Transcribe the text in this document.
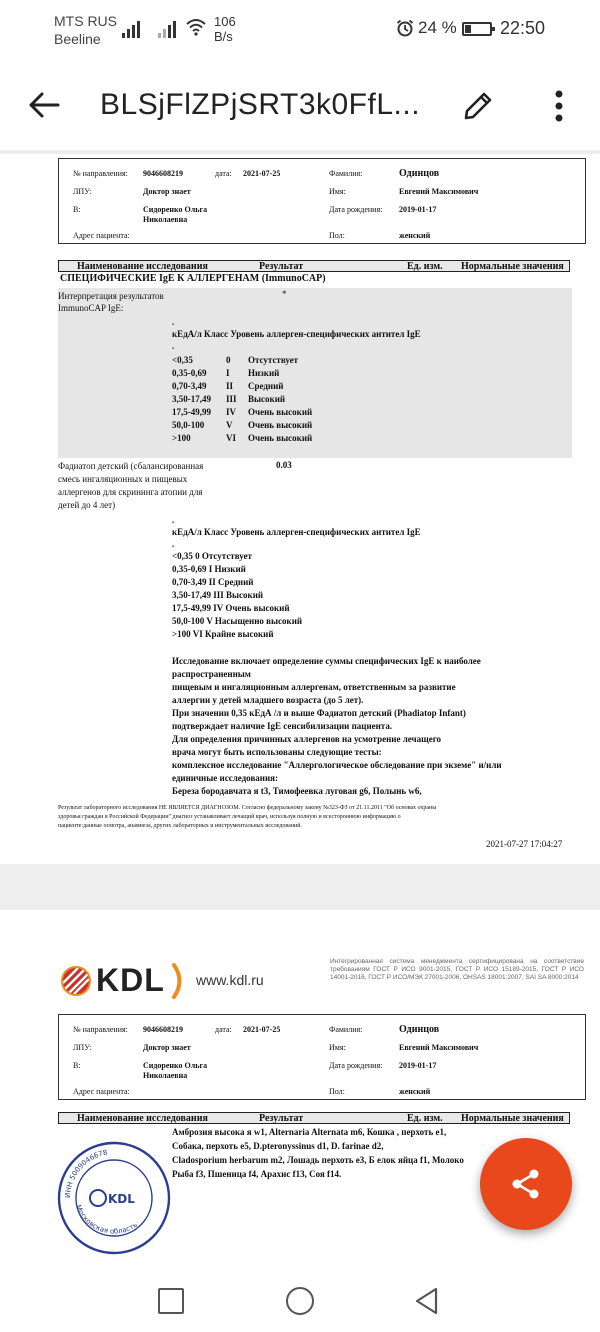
MTS RUS
Beeline
106
B/s	24 % 22:50
BLSjFlZPjSRT3k0FfL...
№ направления: 9046608219	дата: 2021-07-25	Фамилия:	Одинцов
ЛПУ:	Доктор знает	Имя:	Евгений Максимович
В:	Сидоренко Ольга
Николаевна
Дата рождения: 2019-01-17
Адрес пациента:	Пол:	женский
Наименование исследования	Результат	Ед. изм. Нормальные значения
СПЕЦИФИЧЕСКИЕ IgE К АЛЛЕРГЕНАМ (ImmunoCAP)
Интерпретация результатов	*
ImmunoCAP IgE:
.
кЕдА/л Класс Уровень аллерген-специфических антител IgE
.
<0,35	0 Отсутствует
0,35-0,69 I Низкий
0,70-3,49 II Средний
3,50-17,49 III Высокий
17,5-49,99 IV Очень высокий
50,0-100 V Очень высокий
>100	VI Очень высокий
Фадиатоп детский (сбалансированная
смесь ингаляционных и пищевых
аллергенов для скрининга атопии для
детей до 4 лет)
0.03
.
кЕдА/л Класс Уровень аллерген-специфических антител IgE
.
<0,35 0 Отсутствует
0,35-0,69 I Низкий
0,70-3,49 II Средний
3,50-17,49 III Высокий
17,5-49,99 IV Очень высокий
50,0-100 V Насыщенно высокий
>100 VI Крайне высокий
Исследование включает определение суммы специфических IgE к наиболее
распространенным
пищевым и ингаляционным аллергенам, ответственным за развитие
аллергии у детей младшего возраста (до 5 лет).
При значении 0,35 кЕдА /л и выше Фадиатоп детский (Phadiatop Infant)
подтверждает наличие IgE сенсибилизации пациента.
Для определения причинных аллергенов на усмотрение лечащего
врача могут быть использованы следующие тесты:
комплексное исследование "Аллергологическое обследование при экземе" и/или
единичные исследования:
Береза бородавчата я t3, Тимофеевка луговая g6, Полынь w6,
Результат лабораторного исследования НЕ ЯВЛЯЕТСЯ ДИАГНОЗОМ. Согласно федеральному закону №323-ФЗ от 21.11.2011 "Об основах охраны
здоровья граждан в Российской Федерации" диагноз устанавливает лечащий врач, используя полную и всестороннюю информацию о
пациенте:данные осмотра, анамнеза, других лабораторных и инструментальных исследований.
2021-07-27 17:04:27
KDL www.kdl.ru
Интегрированная система менеджмента сертифицирована на соответствие требованиям ГОСТ Р ИСО 9001-2015, ГОСТ Р ИСО 15189-2015, ГОСТ Р ИСО 14001-2016, ГОСТ Р ИСО/МЭК 27001-2006, OHSAS 18001:2007, SAI SA 8000:2014
№ направления: 9046608219	дата: 2021-07-25	Фамилия:	Одинцов
ЛПУ:	Доктор знает	Имя:	Евгений Максимович
В:	Сидоренко Ольга
Николаевна
Дата рождения: 2019-01-17
Адрес пациента:	Пол:	женский
Наименование исследования	Результат	Ед. изм. Нормальные значения
Амброзия высока я w1, Alternaria Alternata m6, Кошка , перхоть e1,
Собака, перхоть e5, D.pteronyssinus d1, D. farinae d2,
Cladosporium herbarum m2, Лошадь перхоть e3, Б елок яйца f1, Молоко
Рыба f3, Пшеница f4, Арахис f13, Соя f14.
ИНН 5009046678
Московская область
KDL
